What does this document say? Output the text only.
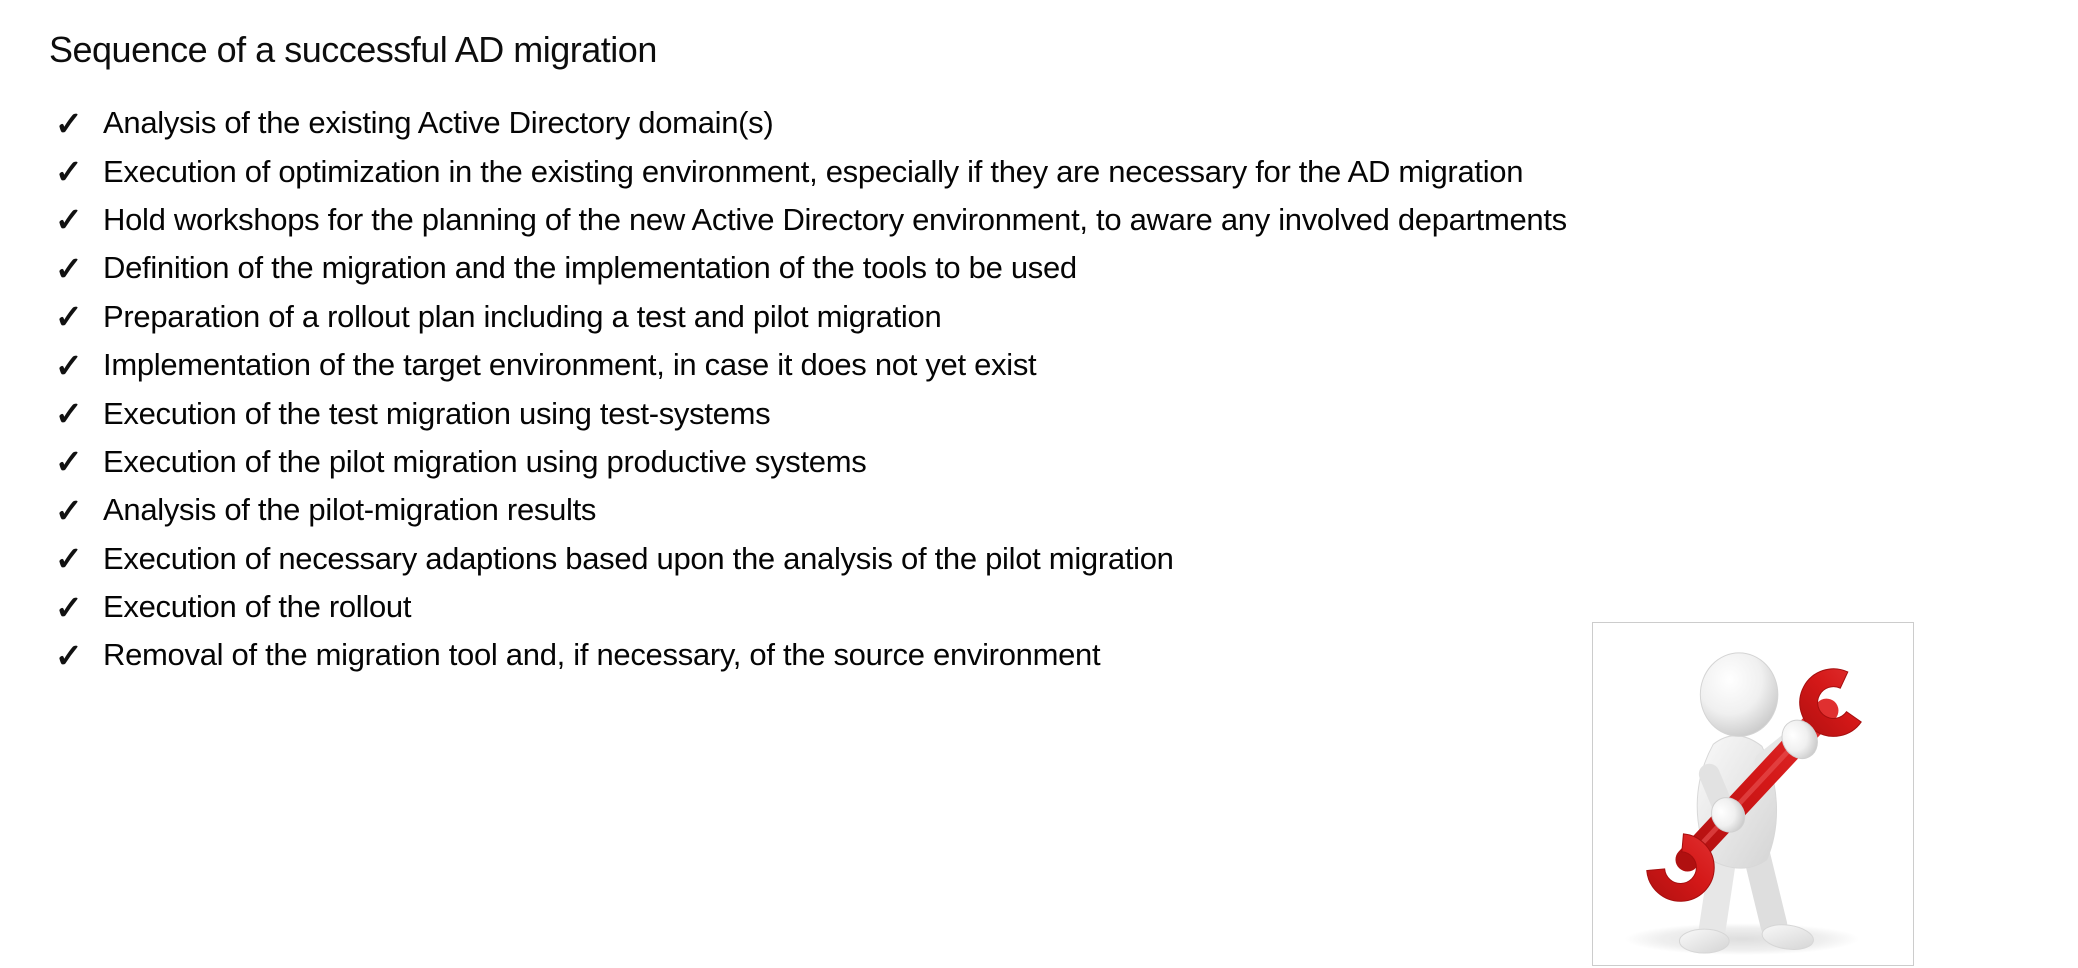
Sequence of a successful AD migration
✓ Analysis of the existing Active Directory domain(s)
✓ Execution of optimization in the existing environment, especially if they are necessary for the AD migration
✓ Hold workshops for the planning of the new Active Directory environment, to aware any involved departments
✓ Definition of the migration and the implementation of the tools to be used
✓ Preparation of a rollout plan including a test and pilot migration
✓ Implementation of the target environment, in case it does not yet exist
✓ Execution of the test migration using test-systems
✓ Execution of the pilot migration using productive systems
✓ Analysis of the pilot-migration results
✓ Execution of necessary adaptions based upon the analysis of the pilot migration
✓ Execution of the rollout
✓ Removal of the migration tool and, if necessary, of the source environment
